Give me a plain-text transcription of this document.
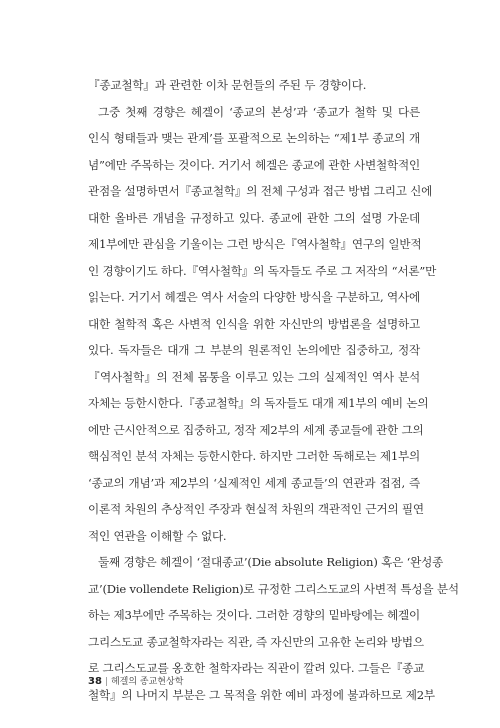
『종교철학』과 관련한 이차 문헌들의 주된 두 경향이다.
그중 첫째 경향은 헤겔이 ‘종교의 본성’과 ‘종교가 철학 및 다른
인식 형태들과 맺는 관계’를 포괄적으로 논의하는 “제1부 종교의 개
념”에만 주목하는 것이다. 거기서 헤겔은 종교에 관한 사변철학적인
관점을 설명하면서『종교철학』의 전체 구성과 접근 방법 그리고 신에
대한 올바른 개념을 규정하고 있다. 종교에 관한 그의 설명 가운데
제1부에만 관심을 기울이는 그런 방식은『역사철학』연구의 일반적
인 경향이기도 하다.『역사철학』의 독자들도 주로 그 저작의 “서론”만
읽는다. 거기서 헤겔은 역사 서술의 다양한 방식을 구분하고, 역사에
대한 철학적 혹은 사변적 인식을 위한 자신만의 방법론을 설명하고
있다. 독자들은 대개 그 부분의 원론적인 논의에만 집중하고, 정작
『역사철학』의 전체 몸통을 이루고 있는 그의 실제적인 역사 분석
자체는 등한시한다.『종교철학』의 독자들도 대개 제1부의 예비 논의
에만 근시안적으로 집중하고, 정작 제2부의 세계 종교들에 관한 그의
핵심적인 분석 자체는 등한시한다. 하지만 그러한 독해로는 제1부의
‘종교의 개념’과 제2부의 ‘실제적인 세계 종교들’의 연관과 접점, 즉
이론적 차원의 추상적인 주장과 현실적 차원의 객관적인 근거의 필연
적인 연관을 이해할 수 없다.
둘째 경향은 헤겔이 ‘절대종교’(Die absolute Religion) 혹은 ‘완성종
교’(Die vollendete Religion)로 규정한 그리스도교의 사변적 특성을 분석
하는 제3부에만 주목하는 것이다. 그러한 경향의 밑바탕에는 헤겔이
그리스도교 종교철학자라는 직관, 즉 자신만의 고유한 논리와 방법으
로 그리스도교를 옹호한 철학자라는 직관이 깔려 있다. 그들은『종교
철학』의 나머지 부분은 그 목적을 위한 예비 과정에 불과하므로 제2부
38 | 헤겔의 종교현상학
